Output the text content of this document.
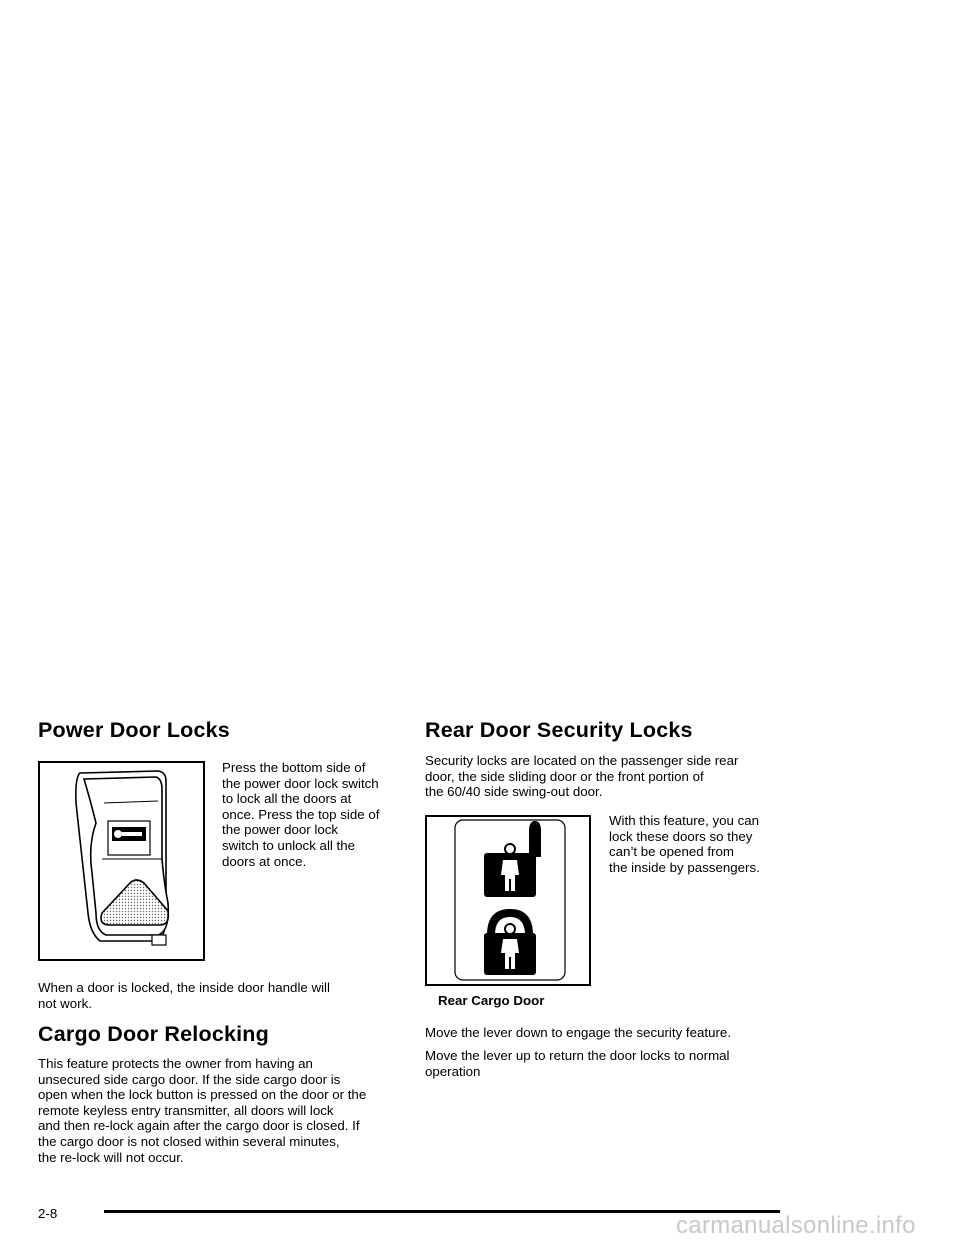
Power Door Locks

Press the bottom side of
the power door lock switch
to lock all the doors at
once. Press the top side of
the power door lock
switch to unlock all the
doors at once.

When a door is locked, the inside door handle will
not work.

Cargo Door Relocking

This feature protects the owner from having an
unsecured side cargo door. If the side cargo door is
open when the lock button is pressed on the door or the
remote keyless entry transmitter, all doors will lock
and then re-lock again after the cargo door is closed. If
the cargo door is not closed within several minutes,
the re-lock will not occur.

Rear Door Security Locks

Security locks are located on the passenger side rear
door, the side sliding door or the front portion of
the 60/40 side swing-out door.

With this feature, you can
lock these doors so they
can’t be opened from
the inside by passengers.

Rear Cargo Door

Move the lever down to engage the security feature.

Move the lever up to return the door locks to normal
operation

2-8	carmanualsonline.info
